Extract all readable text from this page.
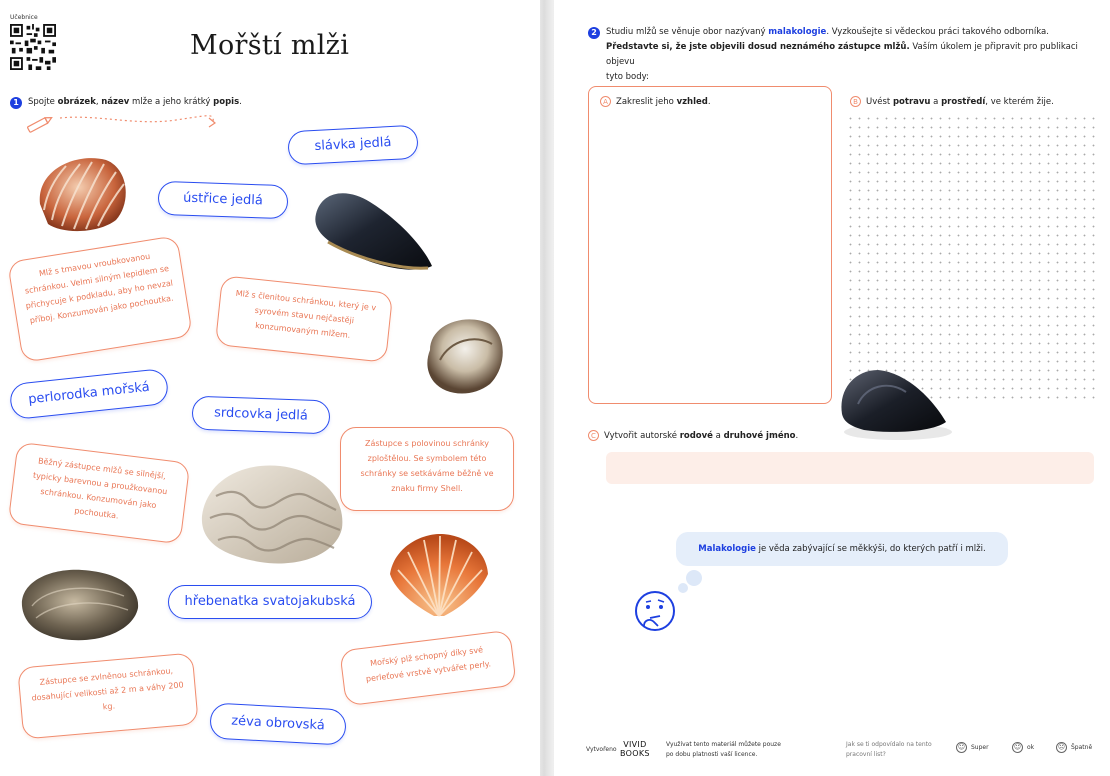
Učebnice
Mořští mlži
1	Spojte obrázek, název mlže a jeho krátký popis.
slávka jedlá
ústřice jedlá
perlorodka mořská
srdcovka jedlá
hřebenatka svatojakubská
zéva obrovská
Mlž s tmavou vroubkovanou schránkou. Velmi silným lepidlem se přichycuje k podkladu, aby ho nevzal příboj. Konzumován jako pochoutka.	Mlž s členitou schránkou, který je v syrovém stavu nejčastěji konzumovaným mlžem.
Zástupce s polovinou schránky zploštělou. Se symbolem této schránky se setkáváme běžně ve znaku firmy Shell.
Běžný zástupce mlžů se silnější, typicky barevnou a proužkovanou schránkou. Konzumován jako pochoutka.
Zástupce se zvlněnou schránkou, dosahující velikosti až 2 m a váhy 200 kg.
Mořský plž schopný díky své perleťové vrstvě vytvářet perly.
2	Studiu mlžů se věnuje obor nazývaný malakologie. Vyzkoušejte si vědeckou práci takového odborníka.
Představte si, že jste objevili dosud neznámého zástupce mlžů. Vaším úkolem je připravit pro publikaci objevu
tyto body:
A Zakreslit jeho vzhled.	B Uvést potravu a prostředí, ve kterém žije.
C Vytvořit autorské rodové a druhové jméno.
Malakologie je věda zabývající se měkkýši, do kterých patří i mlži.
Vytvořeno
VIVID
BOOKS
Využívat tento materiál můžete pouze
po dobu platnosti vaší licence.
Jak se ti odpovídalo na tento
pracovní list?
☺ Super	☺ ok	☹ Špatně
